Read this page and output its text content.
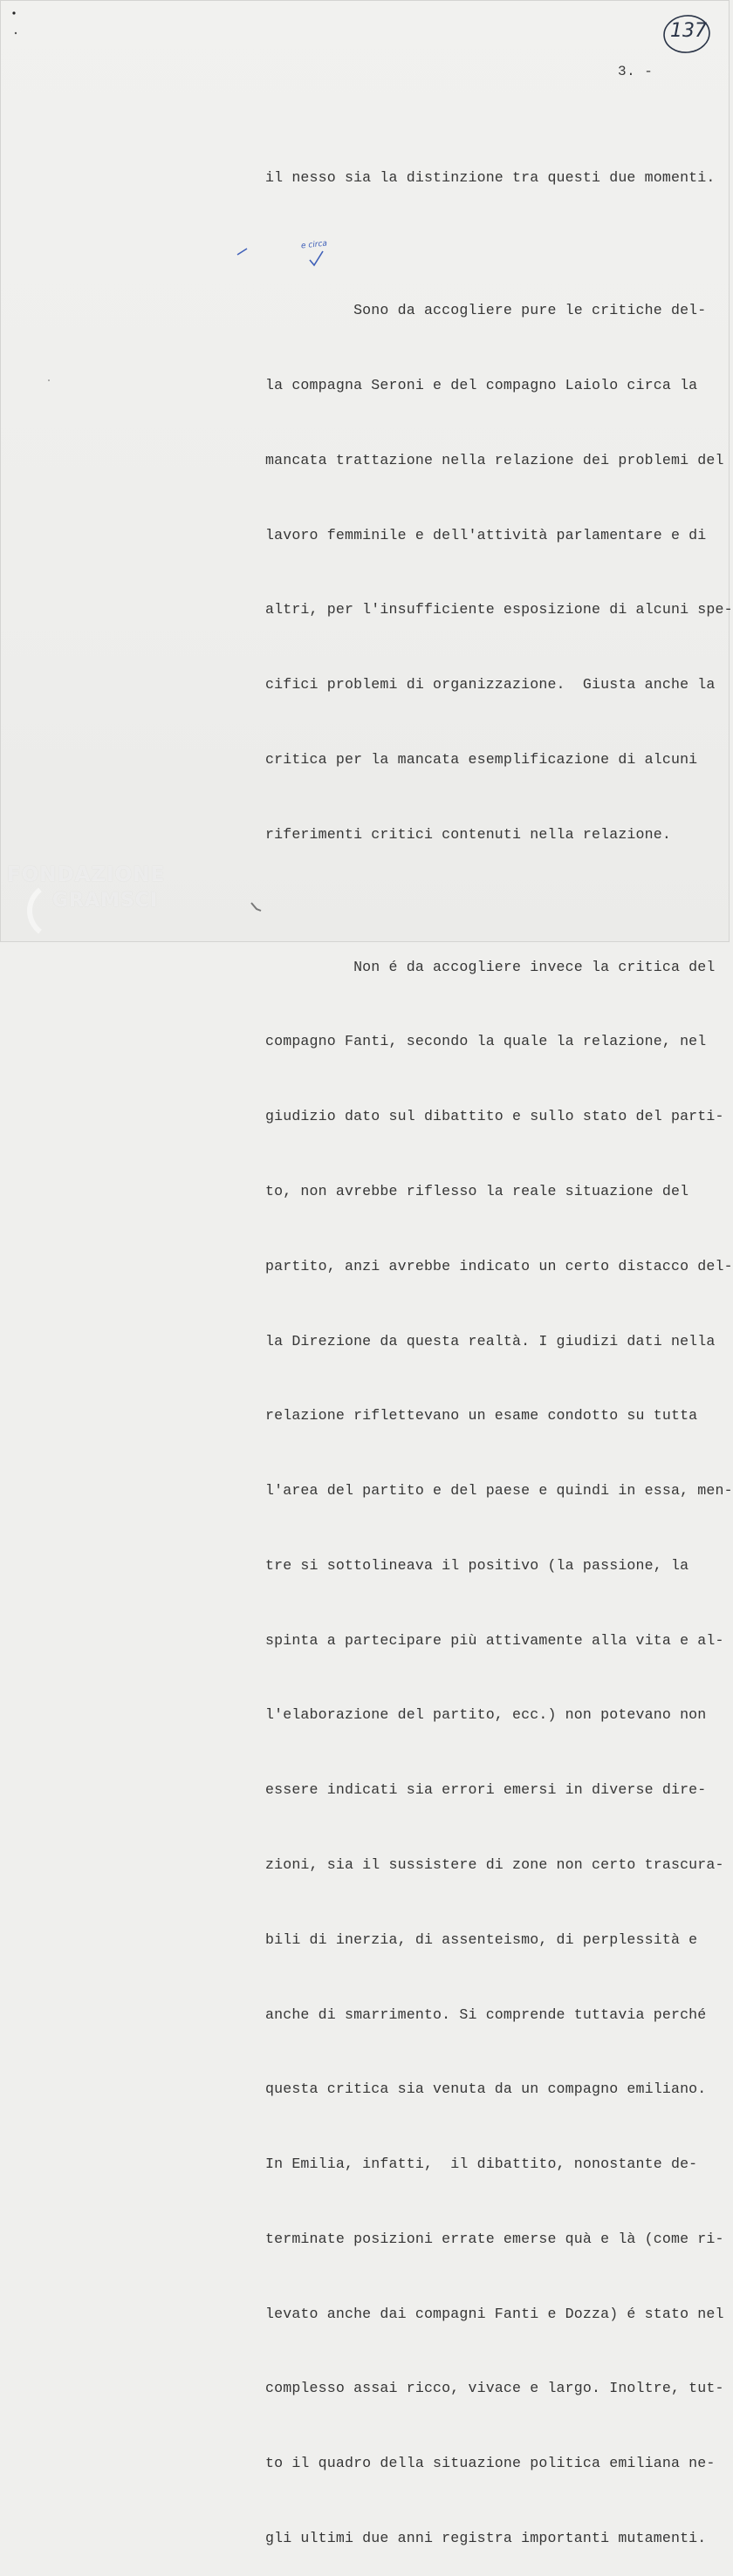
137
3. -
e circa

il nesso sia la distinzione tra questi due momenti.

Sono da accogliere pure le critiche del-

la compagna Seroni e del compagno Laiolo circa la

mancata trattazione nella relazione dei problemi del

lavoro femminile e dell'attività parlamentare e di

altri, per l'insufficiente esposizione di alcuni spe-

cifici problemi di organizzazione.  Giusta anche la

critica per la mancata esemplificazione di alcuni

riferimenti critici contenuti nella relazione.

Non é da accogliere invece la critica del

compagno Fanti, secondo la quale la relazione, nel

giudizio dato sul dibattito e sullo stato del parti-

to, non avrebbe riflesso la reale situazione del

partito, anzi avrebbe indicato un certo distacco del-

la Direzione da questa realtà. I giudizi dati nella

relazione riflettevano un esame condotto su tutta

l'area del partito e del paese e quindi in essa, men-

tre si sottolineava il positivo (la passione, la

spinta a partecipare più attivamente alla vita e al-

l'elaborazione del partito, ecc.) non potevano non

essere indicati sia errori emersi in diverse dire-

zioni, sia il sussistere di zone non certo trascura-

bili di inerzia, di assenteismo, di perplessità e

anche di smarrimento. Si comprende tuttavia perché

questa critica sia venuta da un compagno emiliano.

In Emilia, infatti,  il dibattito, nonostante de-

terminate posizioni errate emerse quà e là (come ri-

levato anche dai compagni Fanti e Dozza) é stato nel

complesso assai ricco, vivace e largo. Inoltre, tut-

to il quadro della situazione politica emiliana ne-

gli ultimi due anni registra importanti mutamenti.

FONDAZIONE
GRAMSCI
